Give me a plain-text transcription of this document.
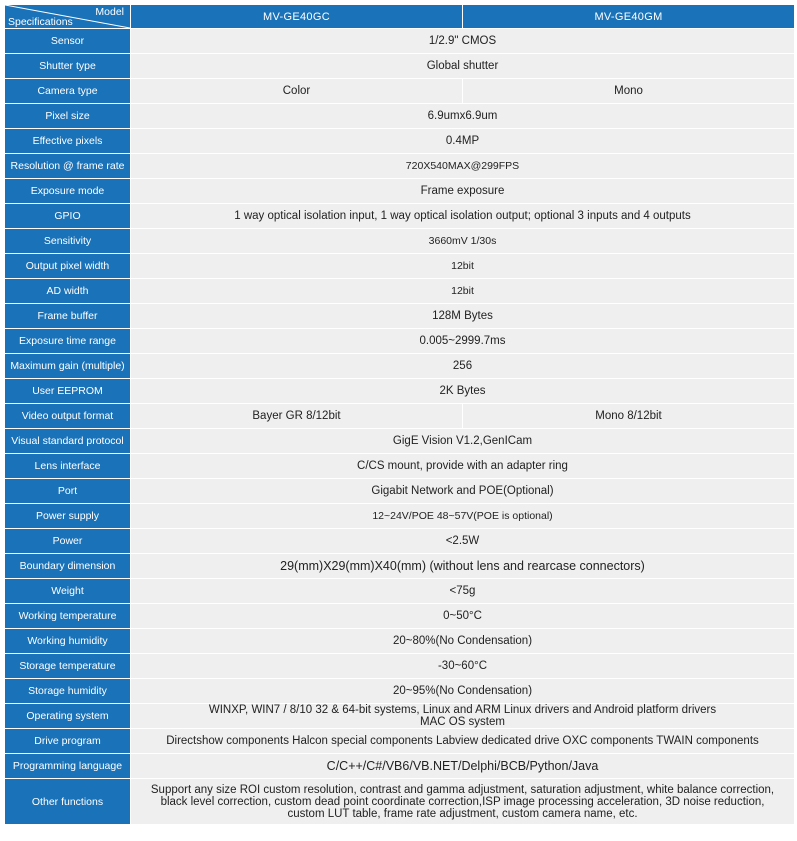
Model
Specifications	MV-GE40GC	MV-GE40GM
Sensor	1/2.9" CMOS	
Shutter type	Global shutter	
Camera type	Color	Mono
Pixel size	6.9umx6.9um	
Effective pixels	0.4MP	
Resolution @ frame rate	720X540MAX@299FPS	
Exposure mode	Frame exposure	
GPIO	1 way optical isolation input, 1 way optical isolation output; optional 3 inputs and 4 outputs	
Sensitivity	3660mV 1/30s	
Output pixel width	12bit	
AD width	12bit	
Frame buffer	128M Bytes	
Exposure time range	0.005~2999.7ms	
Maximum gain (multiple)	256	
User EEPROM	2K Bytes	
Video output format	Bayer GR 8/12bit	Mono 8/12bit
Visual standard protocol	GigE Vision V1.2,GenICam	
Lens interface	C/CS mount, provide with an adapter ring	
Port	Gigabit Network and POE(Optional)	
Power supply	12~24V/POE 48~57V(POE is optional)	
Power	<2.5W	
Boundary dimension	29(mm)X29(mm)X40(mm) (without lens and rearcase connectors)	
Weight	<75g	
Working temperature	0~50°C	
Working humidity	20~80%(No Condensation)	
Storage temperature	-30~60°C	
Storage humidity	20~95%(No Condensation)	
Operating system	WINXP, WIN7 / 8/10 32 & 64-bit systems, Linux and ARM Linux drivers and Android platform drivers
MAC OS system	

Drive program	Directshow components Halcon special components Labview dedicated drive OXC components TWAIN components	
Programming language	C/C++/C#/VB6/VB.NET/Delphi/BCB/Python/Java	
Other functions	Support any size ROI custom resolution, contrast and gamma adjustment, saturation adjustment, white balance correction,
black level correction, custom dead point coordinate correction,ISP image processing acceleration, 3D noise reduction,
custom LUT table, frame rate adjustment, custom camera name, etc.	
